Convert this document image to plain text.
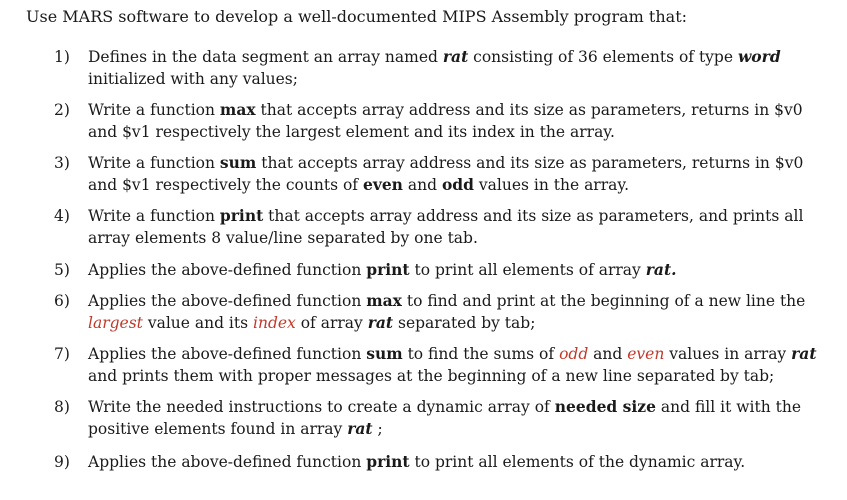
Use MARS software to develop a well-documented MIPS Assembly program that:
1)	Defines in the data segment an array named rat consisting of 36 elements of type word initialized with any values;
2)	Write a function max that accepts array address and its size as parameters, returns in $v0 and $v1 respectively the largest element and its index in the array.
3)	Write a function sum that accepts array address and its size as parameters, returns in $v0 and $v1 respectively the counts of even and odd values in the array.
4)	Write a function print that accepts array address and its size as parameters, and prints all array elements 8 value/line separated by one tab.
5)	Applies the above-defined function print to print all elements of array rat.
6)	Applies the above-defined function max to find and print at the beginning of a new line the largest value and its index of array rat separated by tab;
7)	Applies the above-defined function sum to find the sums of odd and even values in array rat and prints them with proper messages at the beginning of a new line separated by tab;
8)	Write the needed instructions to create a dynamic array of needed size and fill it with the positive elements found in array rat ;
9)	Applies the above-defined function print to print all elements of the dynamic array.
